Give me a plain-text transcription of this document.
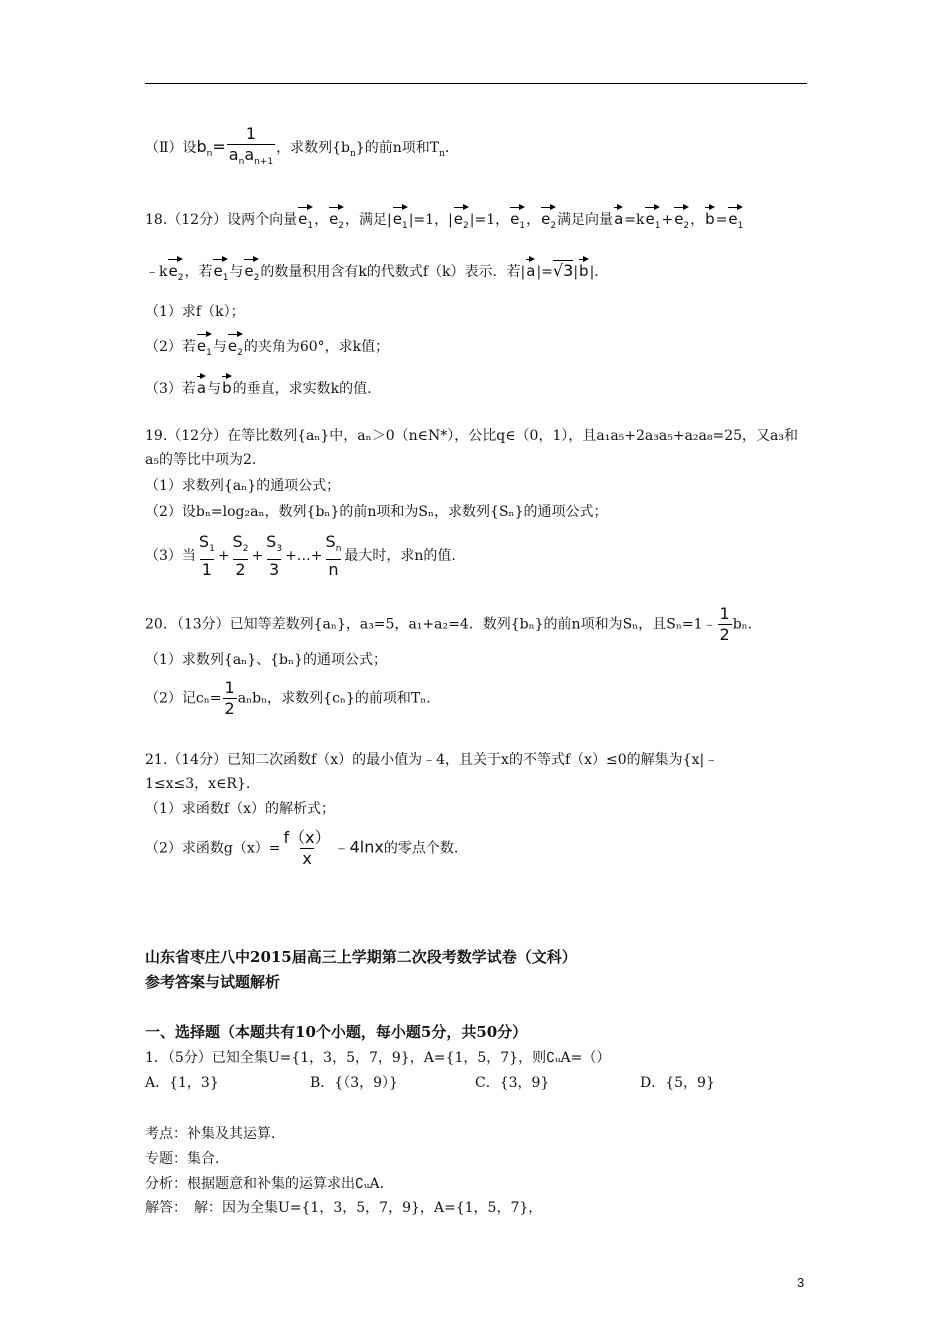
（Ⅱ）设$b_n= \frac{1}{a_na_{n+1}}$ ，求数列$\{b_n\}$的前n项和$T_n$.
18.（12分）设两个向量$e_1$，$e_2$，满足$|e_1|=1$，$|e_2|=1$，$e_1$，$e_2$满足向量$a=ke_1+e_2$，$b=e_1$
$﹣ke_2$，若$e_1$与$e_2$的数量积用含有k的代数式f（k）表示．若|a|=√3|b|．
（1）求f（k）；
（2）若$e_1$与$e_2$的夹角为60°，求k值；
（3）若a与b的垂直，求实数k的值.
19.（12分）在等比数列{aₙ}中，aₙ＞0（n∈N*），公比q∈（0，1），且a₁a₅+2a₃a₅+a₂a₈=25，又a₃和
a₅的等比中项为2.
（1）求数列{aₙ}的通项公式；
（2）设bₙ=log₂aₙ，数列{bₙ}的前n项和为Sₙ，求数列{Sₙ}的通项公式；
（3）当 $\frac{S_1}{1} + \frac{S_2}{2} + \frac{S_3}{3}$ +…+ $\frac{S_n}{n}$ 最大时，求n的值.
20．（13分）已知等差数列{aₙ}，a₃=5，a₁+a₂=4．数列{bₙ}的前n项和为Sₙ，且Sₙ=1﹣ $\frac{1}{2} b_n$.
（1）求数列{aₙ}、{bₙ}的通项公式；
（2）记$c_n= \frac{1}{2}$ aₙbₙ，求数列{cₙ}的前项和Tₙ.
21.（14分）已知二次函数f（x）的最小值为﹣4，且关于x的不等式f（x）≤0的解集为{x|﹣
1≤x≤3，x∈R}.
（1）求函数f（x）的解析式；
（2）求函数$g(x)= \frac{f(x)}{x}$ ﹣4lnx的零点个数.
山东省枣庄八中2015届高三上学期第二次段考数学试卷（文科）
参考答案与试题解析
一、选择题（本题共有10个小题，每小题5分，共50分）
1．（5分）已知全集U={1，3，5，7，9}，A={1，5，7}，则∁ᵤA=（）
A．{1，3}	B．{（3，9）}	C．{3，9}	D．{5，9}
考点：补集及其运算．
专题：集合．
分析：根据题意和补集的运算求出∁ᵤA．
解答：　解：因为全集U={1，3，5，7，9}，A={1，5，7}，
3
